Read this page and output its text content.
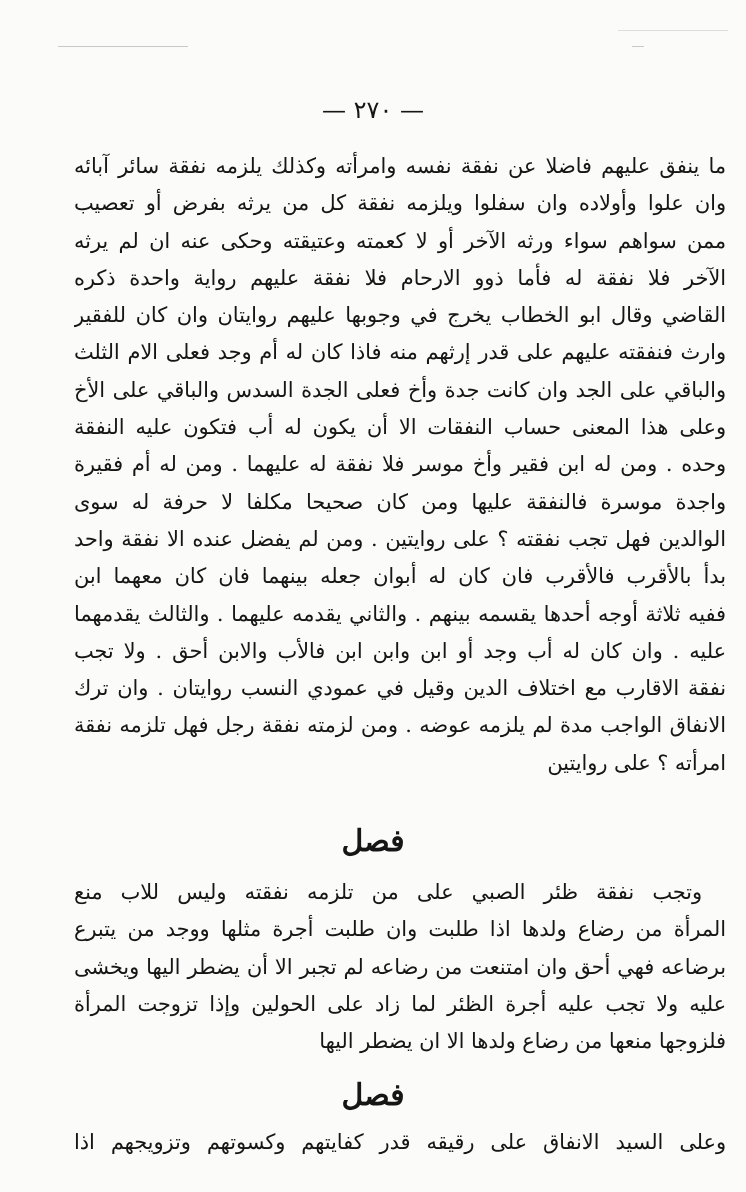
— ٢٧٠ —
ما ينفق عليهم فاضلا عن نفقة نفسه وامرأته وكذلك يلزمه نفقة سائر آبائه
وان علوا وأولاده وان سفلوا ويلزمه نفقة كل من يرثه بفرض أو تعصيب
ممن سواهم سواء ورثه الآخر أو لا كعمته وعتيقته وحكى عنه ان لم يرثه
الآخر فلا نفقة له فأما ذوو الارحام فلا نفقة عليهم رواية واحدة ذكره
القاضي وقال ابو الخطاب يخرج في وجوبها عليهم روايتان وان كان للفقير
وارث فنفقته عليهم على قدر إرثهم منه فاذا كان له أم وجد فعلى الام الثلث
والباقي على الجد وان كانت جدة وأخ فعلى الجدة السدس والباقي على الأخ
وعلى هذا المعنى حساب النفقات الا أن يكون له أب فتكون عليه النفقة
وحده . ومن له ابن فقير وأخ موسر فلا نفقة له عليهما . ومن له أم فقيرة
واجدة موسرة فالنفقة عليها ومن كان صحيحا مكلفا لا حرفة له سوى
الوالدين فهل تجب نفقته ؟ على روايتين . ومن لم يفضل عنده الا نفقة واحد
بدأ بالأقرب فالأقرب فان كان له أبوان جعله بينهما فان كان معهما ابن
ففيه ثلاثة أوجه أحدها يقسمه بينهم . والثاني يقدمه عليهما . والثالث يقدمهما
عليه . وان كان له أب وجد أو ابن وابن ابن فالأب والابن أحق . ولا تجب
نفقة الاقارب مع اختلاف الدين وقيل في عمودي النسب روايتان . وان ترك
الانفاق الواجب مدة لم يلزمه عوضه . ومن لزمته نفقة رجل فهل تلزمه نفقة
امرأته ؟ على روايتين
فصل
وتجب نفقة ظئر الصبي على من تلزمه نفقته وليس للاب منع
المرأة من رضاع ولدها اذا طلبت وان طلبت أجرة مثلها ووجد من يتبرع
برضاعه فهي أحق وان امتنعت من رضاعه لم تجبر الا أن يضطر اليها ويخشى
عليه ولا تجب عليه أجرة الظئر لما زاد على الحولين وإذا تزوجت المرأة
فلزوجها منعها من رضاع ولدها الا ان يضطر اليها
فصل
وعلى السيد الانفاق على رقيقه قدر كفايتهم وكسوتهم وتزويجهم اذا
